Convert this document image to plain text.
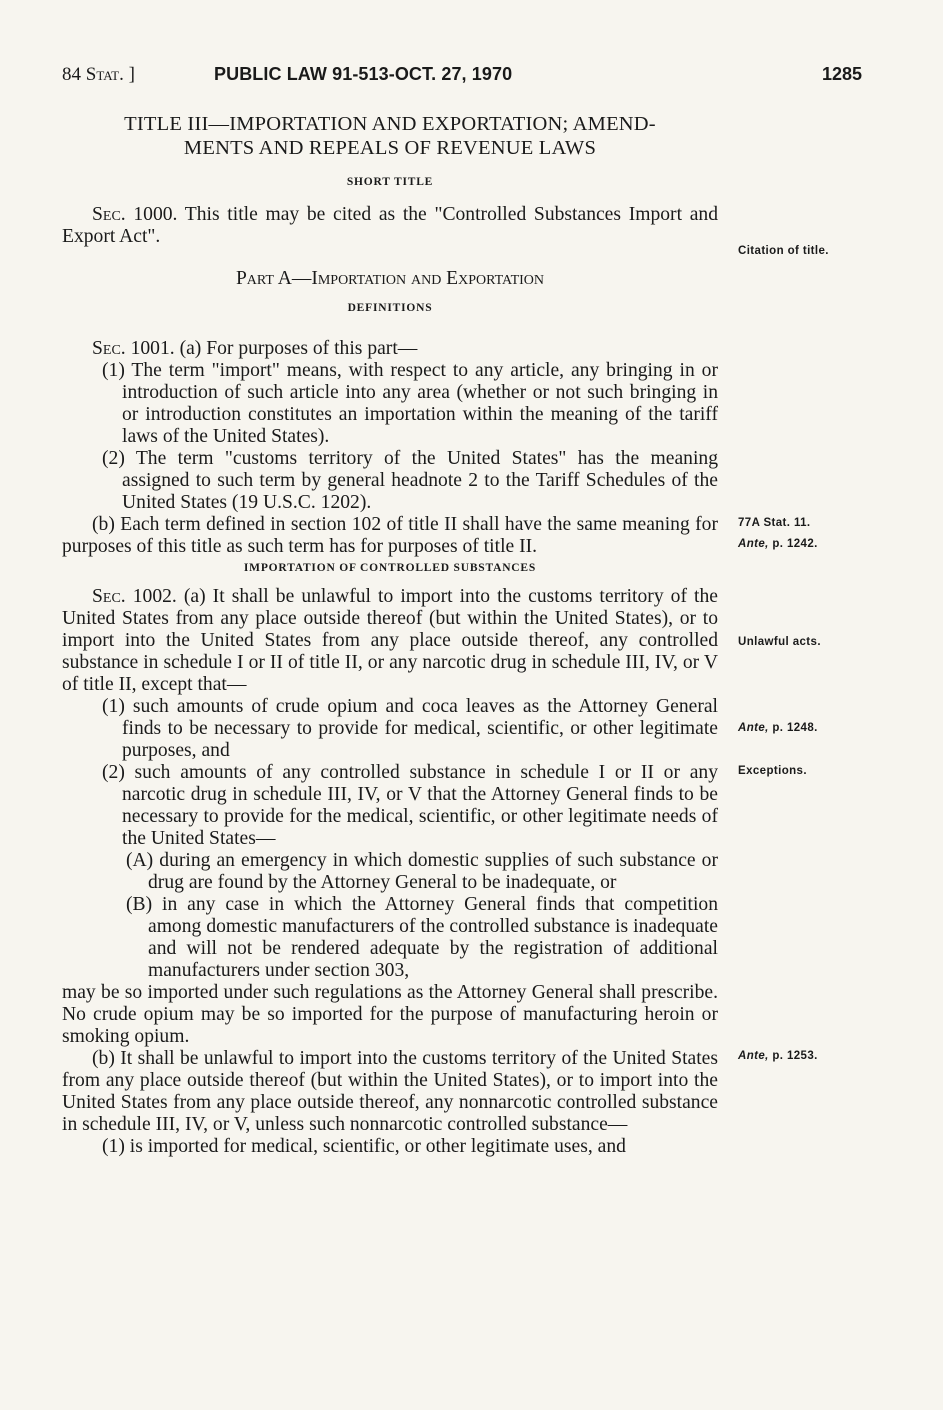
84 Stat. ]	PUBLIC LAW 91-513-OCT. 27, 1970	1285
TITLE III—IMPORTATION AND EXPORTATION; AMEND-
MENTS AND REPEALS OF REVENUE LAWS
SHORT TITLE

Sec. 1000. This title may be cited as the "Controlled Substances Import and Export Act".

Part A—Importation and Exportation
DEFINITIONS

Sec. 1001. (a) For purposes of this part—

(1) The term "import" means, with respect to any article, any bringing in or introduction of such article into any area (whether or not such bringing in or introduction constitutes an importation within the meaning of the tariff laws of the United States).

(2) The term "customs territory of the United States" has the meaning assigned to such term by general headnote 2 to the Tariff Schedules of the United States (19 U.S.C. 1202).

(b) Each term defined in section 102 of title II shall have the same meaning for purposes of this title as such term has for purposes of title II.

IMPORTATION OF CONTROLLED SUBSTANCES

Sec. 1002. (a) It shall be unlawful to import into the customs territory of the United States from any place outside thereof (but within the United States), or to import into the United States from any place outside thereof, any controlled substance in schedule I or II of title II, or any narcotic drug in schedule III, IV, or V of title II, except that—

(1) such amounts of crude opium and coca leaves as the Attorney General finds to be necessary to provide for medical, scientific, or other legitimate purposes, and

(2) such amounts of any controlled substance in schedule I or II or any narcotic drug in schedule III, IV, or V that the Attorney General finds to be necessary to provide for the medical, scientific, or other legitimate needs of the United States—

(A) during an emergency in which domestic supplies of such substance or drug are found by the Attorney General to be inadequate, or

(B) in any case in which the Attorney General finds that competition among domestic manufacturers of the controlled substance is inadequate and will not be rendered adequate by the registration of additional manufacturers under section 303,

may be so imported under such regulations as the Attorney General shall prescribe. No crude opium may be so imported for the purpose of manufacturing heroin or smoking opium.

(b) It shall be unlawful to import into the customs territory of the United States from any place outside thereof (but within the United States), or to import into the United States from any place outside thereof, any nonnarcotic controlled substance in schedule III, IV, or V, unless such nonnarcotic controlled substance—

(1) is imported for medical, scientific, or other legitimate uses, and

Citation of title.
77A Stat. 11.
Ante, p. 1242.
Unlawful acts.
Ante, p. 1248.
Exceptions.
Ante, p. 1253.
